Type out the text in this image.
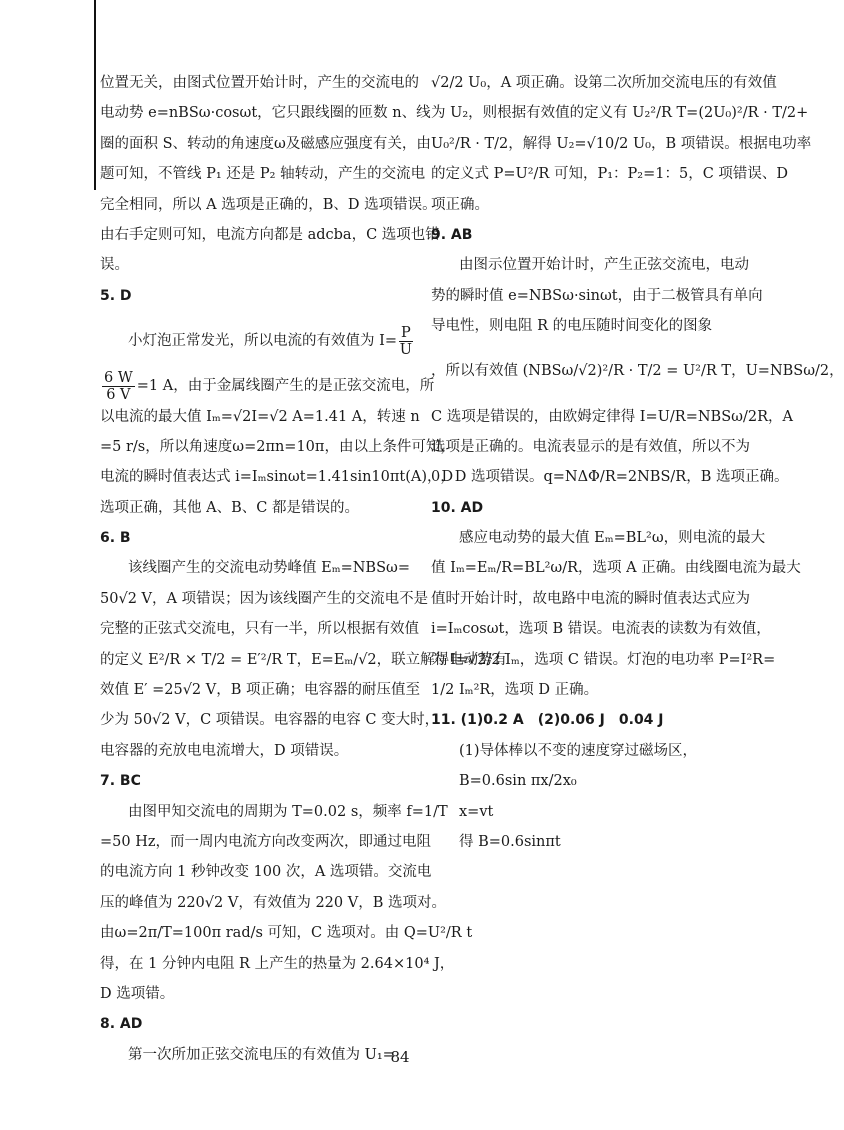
位置无关，由图式位置开始计时，产生的交流电的
电动势 e=nBSω·cosωt，它只跟线圈的匝数 n、线
圈的面积 S、转动的角速度ω及磁感应强度有关，由
题可知，不管线 P₁ 还是 P₂ 轴转动，产生的交流电
完全相同，所以 A 选项是正确的，B、D 选项错误。
由右手定则可知，电流方向都是 adcba，C 选项也错
误。
5. D
小灯泡正常发光，所以电流的有效值为 $I= \frac{P}{U}$
$\frac{6 W}{6 V} =1$ A，由于金属线圈产生的是正弦交流电，所
以电流的最大值 Iₘ=√2I=√2 A=1.41 A，转速 n
=5 r/s，所以角速度ω=2πn=10π，由以上条件可知，
电流的瞬时值表达式 i=Iₘsinωt=1.41sin10πt(A)，D
选项正确，其他 A、B、C 都是错误的。
6. B
该线圈产生的交流电动势峰值 Eₘ=NBSω=
50√2 V，A 项错误；因为该线圈产生的交流电不是
完整的正弦式交流电，只有一半，所以根据有效值
的定义 E²/R × T/2 = E′²/R T，E=Eₘ/√2，联立解得电动势有
效值 E′ =25√2 V，B 项正确；电容器的耐压值至
少为 50√2 V，C 项错误。电容器的电容 C 变大时，
电容器的充放电电流增大，D 项错误。
7. BC
由图甲知交流电的周期为 T=0.02 s，频率 f=1/T
=50 Hz，而一周内电流方向改变两次，即通过电阻
的电流方向 1 秒钟改变 100 次，A 选项错。交流电
压的峰值为 220√2 V，有效值为 220 V，B 选项对。
由ω=2π/T=100π rad/s 可知，C 选项对。由 Q=U²/R t
得，在 1 分钟内电阻 R 上产生的热量为 2.64×10⁴ J，
D 选项错。
8. AD
第一次所加正弦交流电压的有效值为 U₁=
√2/2 U₀，A 项正确。设第二次所加交流电压的有效值
为 U₂，则根据有效值的定义有 U₂²/R T=(2U₀)²/R · T/2+
U₀²/R · T/2，解得 U₂=√10/2 U₀，B 项错误。根据电功率
的定义式 P=U²/R 可知，P₁：P₂=1：5，C 项错误、D
项正确。
9. AB
由图示位置开始计时，产生正弦交流电，电动
势的瞬时值 e=NBSω·sinωt，由于二极管具有单向
导电性，则电阻 R 的电压随时间变化的图象
，所以有效值 (NBSω/√2)²/R · T/2 = U²/R T，U=NBSω/2，
C 选项是错误的，由欧姆定律得 I=U/R=NBSω/2R，A
选项是正确的。电流表显示的是有效值，所以不为
0，D 选项错误。q=NΔΦ/R=2NBS/R，B 选项正确。
10. AD
感应电动势的最大值 Eₘ=BL²ω，则电流的最大
值 Iₘ=Eₘ/R=BL²ω/R，选项 A 正确。由线圈电流为最大
值时开始计时，故电路中电流的瞬时值表达式应为
i=Iₘcosωt，选项 B 错误。电流表的读数为有效值，
为 I=√2/2 Iₘ，选项 C 错误。灯泡的电功率 P=I²R=
1/2 Iₘ²R，选项 D 正确。
11. (1)0.2 A　(2)0.06 J　0.04 J
(1)导体棒以不变的速度穿过磁场区，
B=0.6sin πx/2x₀
x=vt
得 B=0.6sinπt
84
